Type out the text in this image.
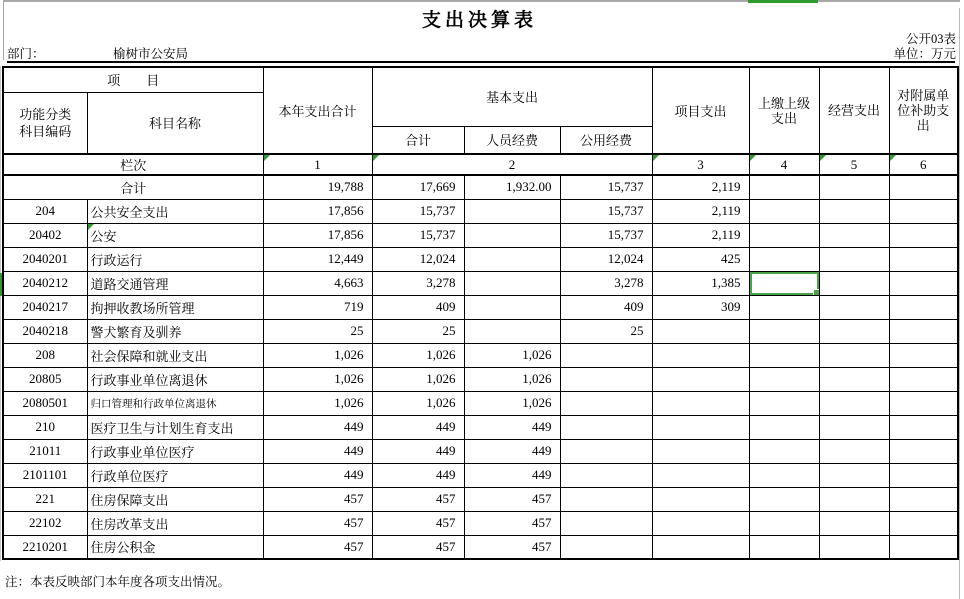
支出决算表
公开03表
部门：	榆树市公安局	单位：万元
项　　目		本年支出合计	基本支出			项目支出	上缴上级支出	经营支出	对附属单位补助支出

功能分类科目编码	科目名称								
			合计	人员经费	公用经费				
栏次		1	2			3	4	5	6
合计		19,788	17,669	1,932.00	15,737	2,119			
204	公共安全支出	17,856	15,737		15,737	2,119			
20402	公安	17,856	15,737		15,737	2,119			
2040201	行政运行	12,449	12,024		12,024	425			
2040212	道路交通管理	4,663	3,278		3,278	1,385	

2040217	拘押收教场所管理	719	409		409	309			
2040218	警犬繁育及驯养	25	25		25				
208	社会保障和就业支出	1,026	1,026	1,026					
20805	行政事业单位离退休	1,026	1,026	1,026					
2080501	归口管理和行政单位离退休	1,026	1,026	1,026					
210	医疗卫生与计划生育支出	449	449	449					
21011	行政事业单位医疗	449	449	449					
2101101	行政单位医疗	449	449	449					
221	住房保障支出	457	457	457					
22102	住房改革支出	457	457	457					
2210201	住房公积金	457	457	457					
注：本表反映部门本年度各项支出情况。
